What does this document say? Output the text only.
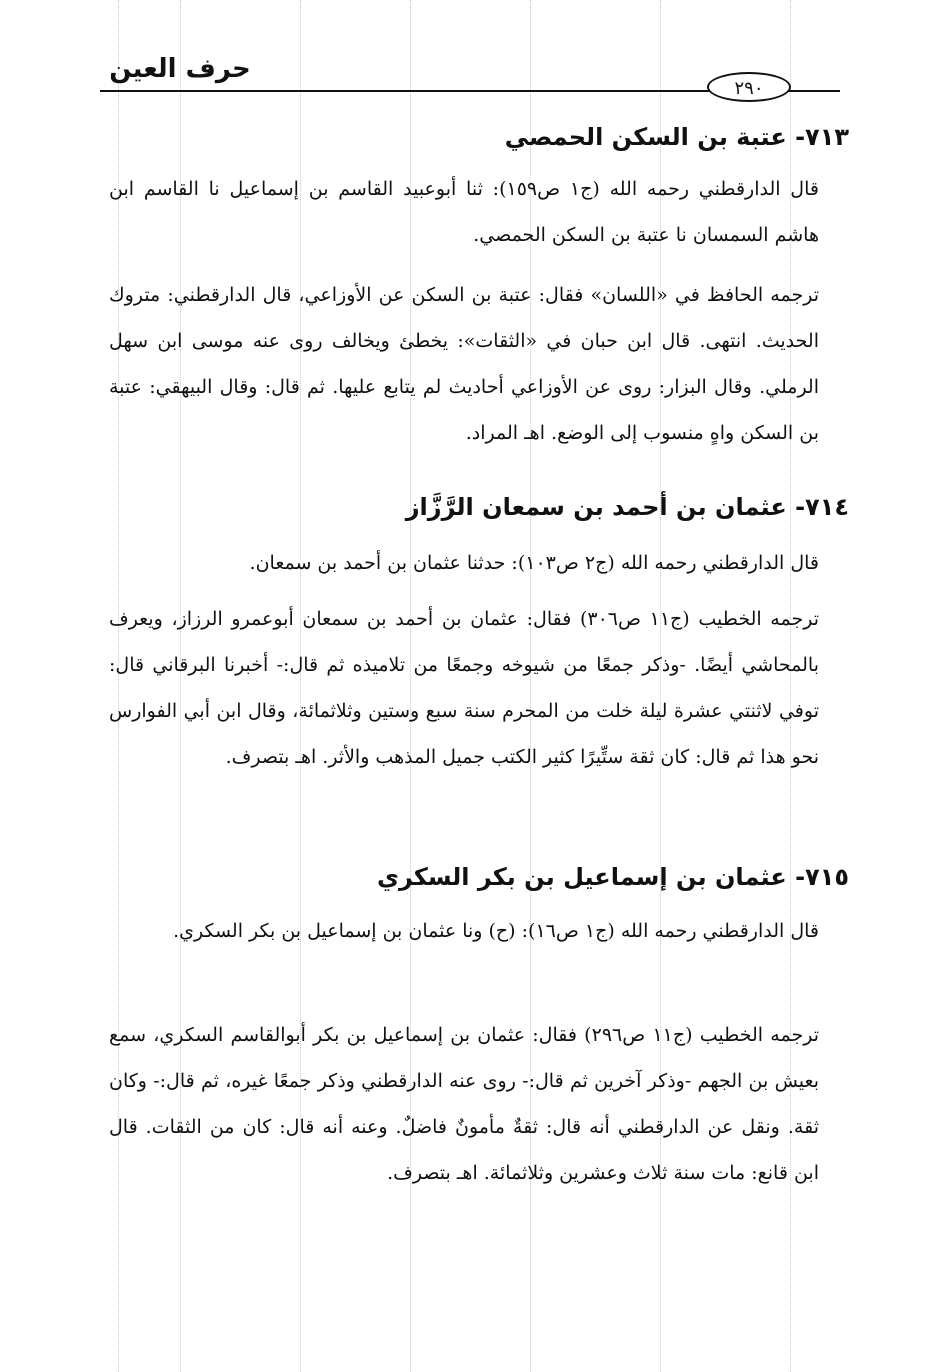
حرف العين
٢٩٠
٧١٣- عتبة بن السكن الحمصي

قال الدارقطني رحمه الله (ج١ ص١٥٩): ثنا أبوعبيد القاسم بن إسماعيل نا القاسم ابن هاشم السمسان نا عتبة بن السكن الحمصي.

ترجمه الحافظ في «اللسان» فقال: عتبة بن السكن عن الأوزاعي، قال الدارقطني: متروك الحديث. انتهى. قال ابن حبان في «الثقات»: يخطئ ويخالف روى عنه موسى ابن سهل الرملي. وقال البزار: روى عن الأوزاعي أحاديث لم يتابع عليها. ثم قال: وقال البيهقي: عتبة بن السكن واهٍ منسوب إلى الوضع. اهـ المراد.

٧١٤- عثمان بن أحمد بن سمعان الرَّزَّاز

قال الدارقطني رحمه الله (ج٢ ص١٠٣): حدثنا عثمان بن أحمد بن سمعان.

ترجمه الخطيب (ج١١ ص٣٠٦) فقال: عثمان بن أحمد بن سمعان أبوعمرو الرزاز، ويعرف بالمحاشي أيضًا. -وذكر جمعًا من شيوخه وجمعًا من تلاميذه ثم قال:- أخبرنا البرقاني قال: توفي لاثنتي عشرة ليلة خلت من المحرم سنة سبع وستين وثلاثمائة، وقال ابن أبي الفوارس نحو هذا ثم قال: كان ثقة ستِّيرًا كثير الكتب جميل المذهب والأثر. اهـ بتصرف.

٧١٥- عثمان بن إسماعيل بن بكر السكري

قال الدارقطني رحمه الله (ج١ ص١٦): (ح) ونا عثمان بن إسماعيل بن بكر السكري.

ترجمه الخطيب (ج١١ ص٢٩٦) فقال: عثمان بن إسماعيل بن بكر أبوالقاسم السكري، سمع بعيش بن الجهم -وذكر آخرين ثم قال:- روى عنه الدارقطني وذكر جمعًا غيره، ثم قال:- وكان ثقة. ونقل عن الدارقطني أنه قال: ثقةٌ مأمونٌ فاضلٌ. وعنه أنه قال: كان من الثقات. قال ابن قانع: مات سنة ثلاث وعشرين وثلاثمائة. اهـ بتصرف.
